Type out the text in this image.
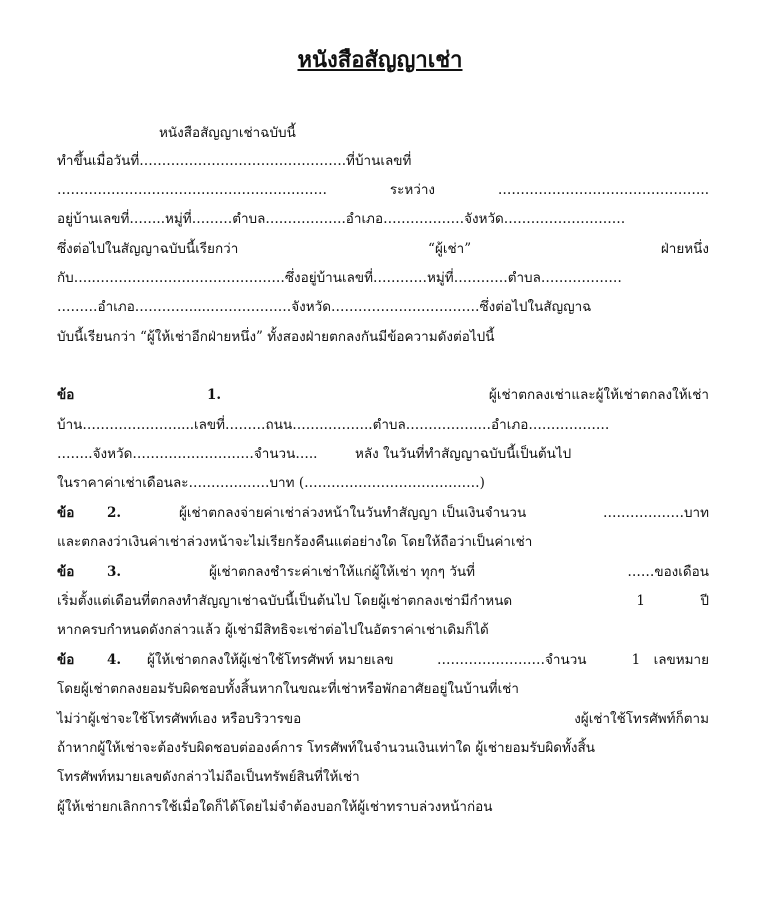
หนังสือสัญญาเช่า
หนังสือสัญญาเช่าฉบับนี้
ทำขึ้นเมื่อวันที่……………………………………….ที่บ้านเลขที่
……………………………………………………	ระหว่าง	………………………………………..
อยู่บ้านเลขที่……..หมู่ที่………ตำบล….…………..อำเภอ………………จังหวัด………………………
ซึ่งต่อไปในสัญญาฉบับนี้เรียกว่า	“ผู้เช่า”	ฝ่ายหนึ่ง
กับ…..……………………………………ซึ่งอยู่บ้านเลขที่…………หมู่ที่…………ตำบล………………
………อำเภอ………….....………………จังหวัด……………………………ซึ่งต่อไปในสัญญาฉ
บับนี้เรียนกว่า “ผู้ให้เช่าอีกฝ่ายหนึ่ง” ทั้งสองฝ่ายตกลงกันมีข้อความดังต่อไปนี้
ข้อ	1.	ผู้เช่าตกลงเช่าและผู้ให้เช่าตกลงให้เช่า
บ้าน…………………....เลขที่………ถนน…….………..ตำบล…………….…อำเภอ………………
……..จังหวัด………………………จำนวน…..	หลัง ในวันที่ทำสัญญาฉบับนี้เป็นต้นไป
ในราคาค่าเช่าเดือนละ………………บาท (…………………………………)
ข้อ 2.	ผู้เช่าตกลงจ่ายค่าเช่าล่วงหน้าในวันทำสัญญา เป็นเงินจำนวน	………………บาท
และตกลงว่าเงินค่าเช่าล่วงหน้าจะไม่เรียกร้องคืนแต่อย่างใด โดยให้ถือว่าเป็นค่าเช่า
ข้อ 3.	ผู้เช่าตกลงชำระค่าเช่าให้แก่ผู้ให้เช่า ทุกๆ วันที่	……ของเดือน
เริ่มตั้งแต่เดือนที่ตกลงทำสัญญาเช่าฉบับนี้เป็นต้นไป โดยผู้เช่าตกลงเช่ามีกำหนด	1	ปี
หากครบกำหนดดังกล่าวแล้ว ผู้เช่ามีสิทธิจะเช่าต่อไปในอัตราค่าเช่าเดิมก็ได้
ข้อ 4. ผู้ให้เช่าตกลงให้ผู้เช่าใช้โทรศัพท์ หมายเลข	……………………จำนวน	1 เลขหมาย
โดยผู้เช่าตกลงยอมรับผิดชอบทั้งสิ้นหากในขณะที่เช่าหรือพักอาศัยอยู่ในบ้านที่เช่า
ไม่ว่าผู้เช่าจะใช้โทรศัพท์เอง หรือบริวารขอ	งผู้เช่าใช้โทรศัพท์ก็ตาม
ถ้าหากผู้ให้เช่าจะต้องรับผิดชอบต่อองค์การ โทรศัพท์ในจำนวนเงินเท่าใด ผู้เช่ายอมรับผิดทั้งสิ้น
โทรศัพท์หมายเลขดังกล่าวไม่ถือเป็นทรัพย์สินที่ให้เช่า
ผู้ให้เช่ายกเลิกการใช้เมื่อใดก็ได้โดยไม่จำต้องบอกให้ผู้เช่าทราบล่วงหน้าก่อน
